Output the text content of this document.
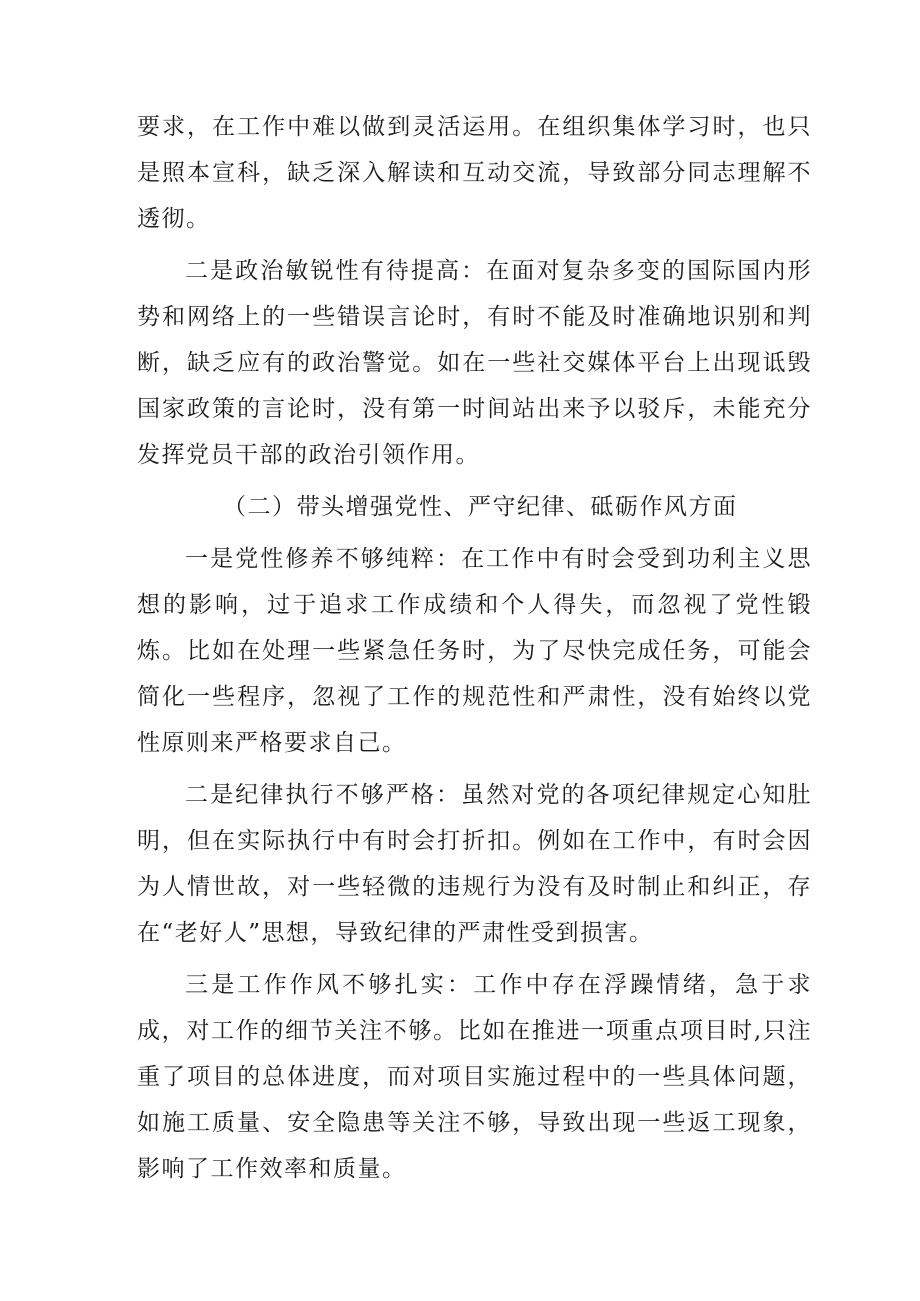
要求，在工作中难以做到灵活运用。在组织集体学习时，也只是照本宣科，缺乏深入解读和互动交流，导致部分同志理解不透彻。

二是政治敏锐性有待提高：在面对复杂多变的国际国内形势和网络上的一些错误言论时，有时不能及时准确地识别和判断，缺乏应有的政治警觉。如在一些社交媒体平台上出现诋毁国家政策的言论时，没有第一时间站出来予以驳斥，未能充分发挥党员干部的政治引领作用。

（二）带头增强党性、严守纪律、砥砺作风方面

一是党性修养不够纯粹：在工作中有时会受到功利主义思想的影响，过于追求工作成绩和个人得失，而忽视了党性锻炼。比如在处理一些紧急任务时，为了尽快完成任务，可能会简化一些程序，忽视了工作的规范性和严肃性，没有始终以党性原则来严格要求自己。

二是纪律执行不够严格：虽然对党的各项纪律规定心知肚明，但在实际执行中有时会打折扣。例如在工作中，有时会因为人情世故，对一些轻微的违规行为没有及时制止和纠正，存在“老好人”思想，导致纪律的严肃性受到损害。

三是工作作风不够扎实：工作中存在浮躁情绪，急于求成，对工作的细节关注不够。比如在推进一项重点项目时,只注重了项目的总体进度，而对项目实施过程中的一些具体问题，如施工质量、安全隐患等关注不够，导致出现一些返工现象，影响了工作效率和质量。
